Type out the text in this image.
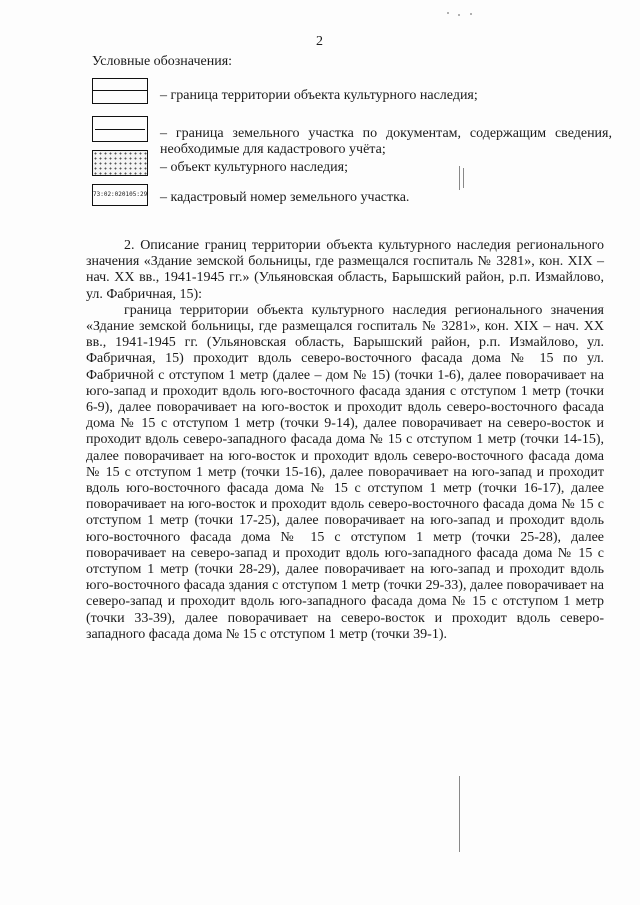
2
Условные обозначения:
– граница территории объекта культурного наследия;
– граница земельного участка по документам, содержащим сведения, необходимые для кадастрового учёта;
– объект культурного наследия;
73:02:020105:29 – кадастровый номер земельного участка.

2. Описание границ территории объекта культурного наследия регионального значения «Здание земской больницы, где размещался госпиталь № 3281», кон. XIX – нач. XX вв., 1941-1945 гг.» (Ульяновская область, Барышский район, р.п. Измайлово, ул. Фабричная, 15):

граница территории объекта культурного наследия регионального значения «Здание земской больницы, где размещался госпиталь № 3281», кон. XIX – нач. XX вв., 1941-1945 гг. (Ульяновская область, Барышский район, р.п. Измайлово, ул. Фабричная, 15) проходит вдоль северо-восточного фасада дома № 15 по ул. Фабричной с отступом 1 метр (далее – дом № 15) (точки 1-6), далее поворачивает на юго-запад и проходит вдоль юго-восточного фасада здания с отступом 1 метр (точки 6-9), далее поворачивает на юго-восток и проходит вдоль северо-восточного фасада дома № 15 с отступом 1 метр (точки 9-14), далее поворачивает на северо-восток и проходит вдоль северо-западного фасада дома № 15 с отступом 1 метр (точки 14-15), далее поворачивает на юго-восток и проходит вдоль северо-восточного фасада дома № 15 с отступом 1 метр (точки 15-16), далее поворачивает на юго-запад и проходит вдоль юго-восточного фасада дома № 15 с отступом 1 метр (точки 16-17), далее поворачивает на юго-восток и проходит вдоль северо-восточного фасада дома № 15 с отступом 1 метр (точки 17-25), далее поворачивает на юго-запад и проходит вдоль юго-восточного фасада дома № 15 с отступом 1 метр (точки 25-28), далее поворачивает на северо-запад и проходит вдоль юго-западного фасада дома № 15 с отступом 1 метр (точки 28-29), далее поворачивает на юго-запад и проходит вдоль юго-восточного фасада здания с отступом 1 метр (точки 29-33), далее поворачивает на северо-запад и проходит вдоль юго-западного фасада дома № 15 с отступом 1 метр (точки 33-39), далее поворачивает на северо-восток и проходит вдоль северо-западного фасада дома № 15 с отступом 1 метр (точки 39-1).
